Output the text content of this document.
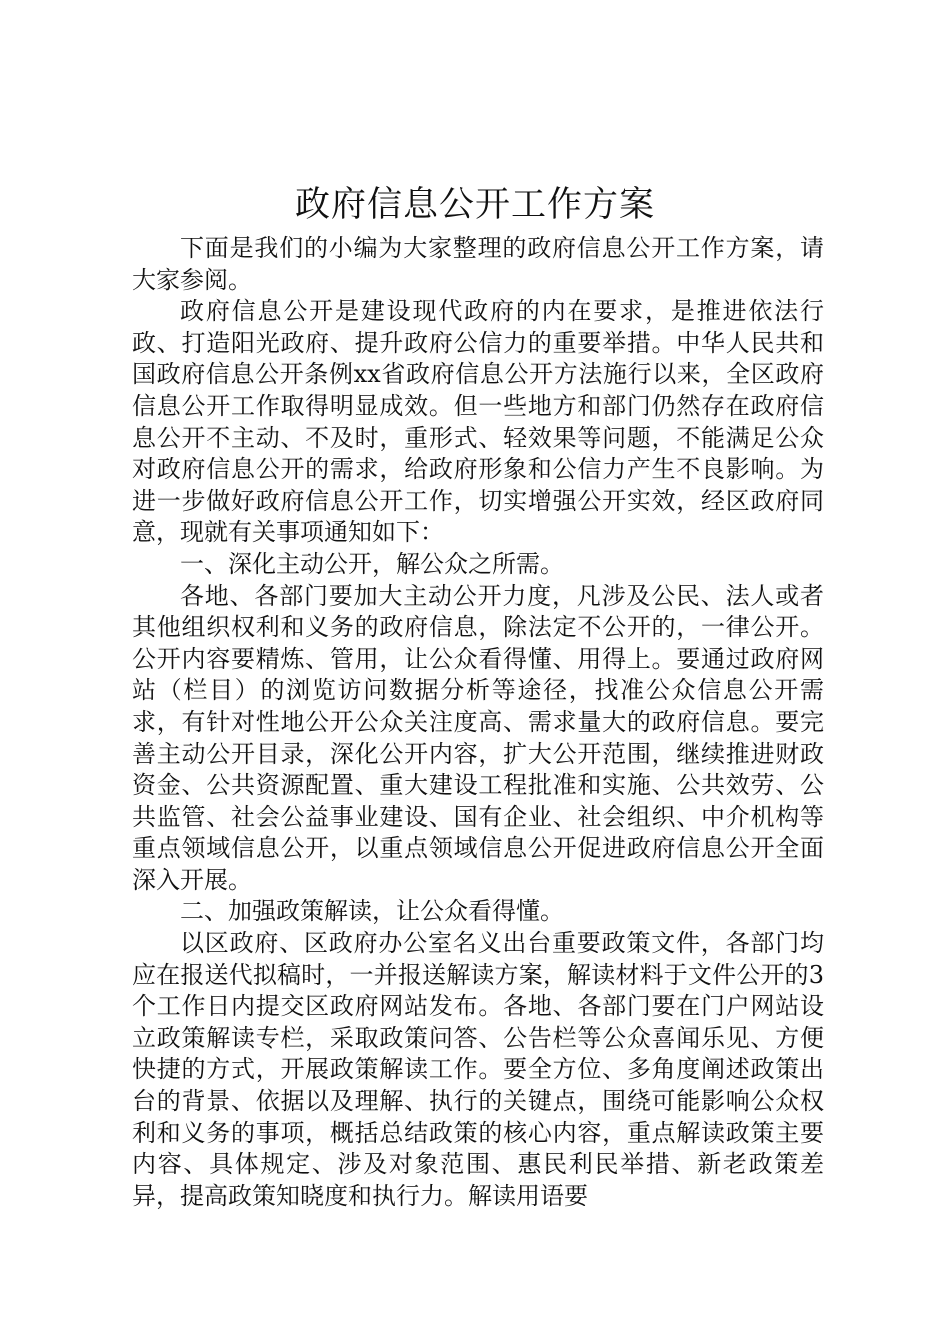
政府信息公开工作方案

下面是我们的小编为大家整理的政府信息公开工作方案，请大家参阅。

政府信息公开是建设现代政府的内在要求，是推进依法行政、打造阳光政府、提升政府公信力的重要举措。中华人民共和国政府信息公开条例xx省政府信息公开方法施行以来，全区政府信息公开工作取得明显成效。但一些地方和部门仍然存在政府信息公开不主动、不及时，重形式、轻效果等问题，不能满足公众对政府信息公开的需求，给政府形象和公信力产生不良影响。为进一步做好政府信息公开工作，切实增强公开实效，经区政府同意，现就有关事项通知如下：

一、深化主动公开，解公众之所需。

各地、各部门要加大主动公开力度，凡涉及公民、法人或者其他组织权利和义务的政府信息，除法定不公开的，一律公开。公开内容要精炼、管用，让公众看得懂、用得上。要通过政府网站（栏目）的浏览访问数据分析等途径，找准公众信息公开需求，有针对性地公开公众关注度高、需求量大的政府信息。要完善主动公开目录，深化公开内容，扩大公开范围，继续推进财政资金、公共资源配置、重大建设工程批准和实施、公共效劳、公共监管、社会公益事业建设、国有企业、社会组织、中介机构等重点领域信息公开，以重点领域信息公开促进政府信息公开全面深入开展。

二、加强政策解读，让公众看得懂。

以区政府、区政府办公室名义出台重要政策文件，各部门均应在报送代拟稿时，一并报送解读方案，解读材料于文件公开的3个工作日内提交区政府网站发布。各地、各部门要在门户网站设立政策解读专栏，采取政策问答、公告栏等公众喜闻乐见、方便快捷的方式，开展政策解读工作。要全方位、多角度阐述政策出台的背景、依据以及理解、执行的关键点，围绕可能影响公众权利和义务的事项，概括总结政策的核心内容，重点解读政策主要内容、具体规定、涉及对象范围、惠民利民举措、新老政策差异，提高政策知晓度和执行力。解读用语要
